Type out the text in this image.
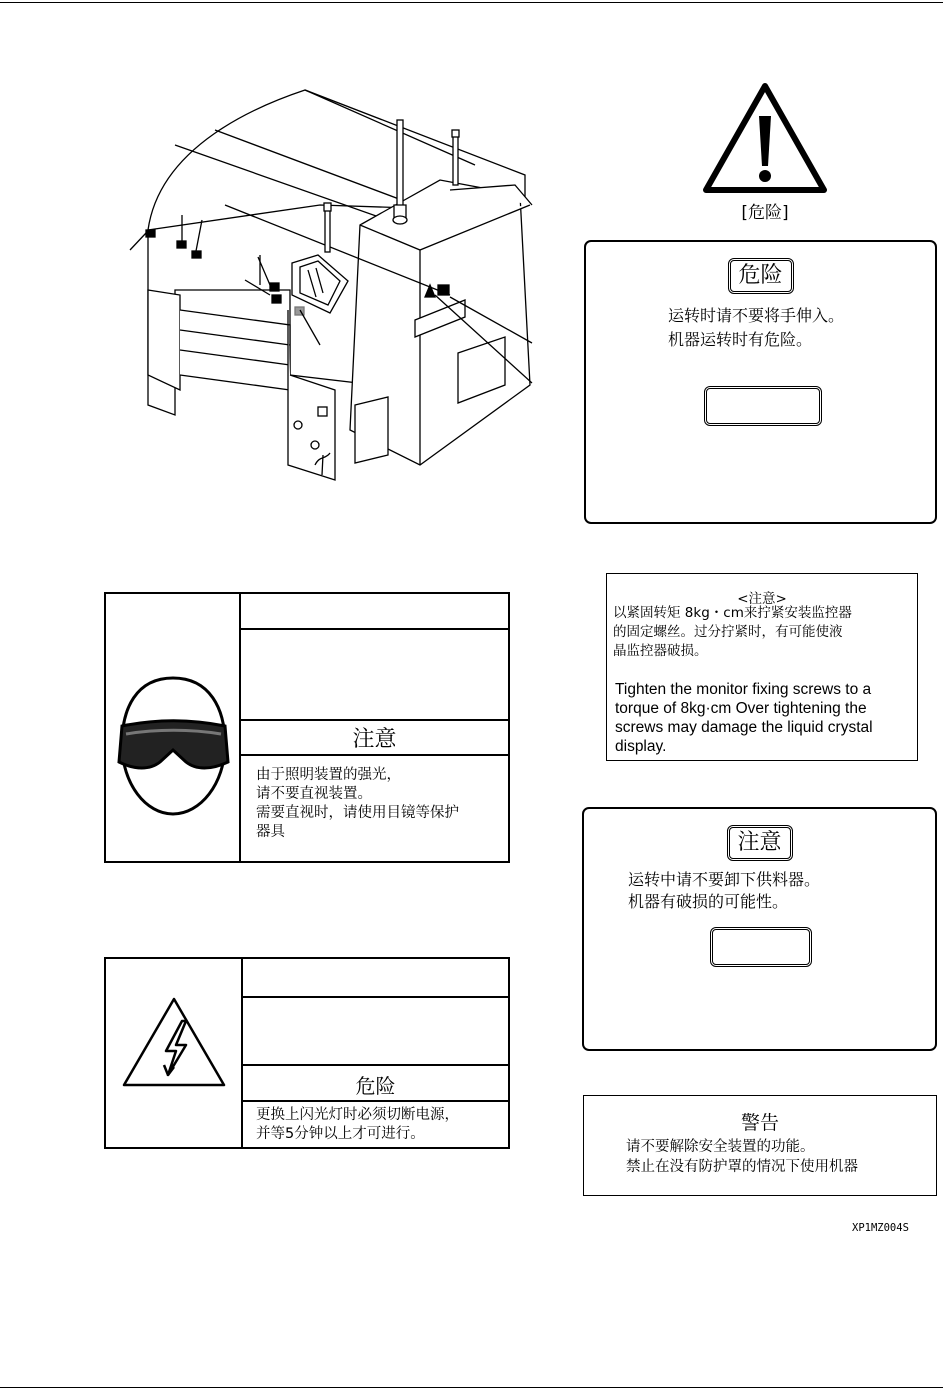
[危险]
危险
运转时请不要将手伸入。
机器运转时有危险。
注意
由于照明装置的强光，
请不要直视装置。
需要直视时，请使用目镜等保护
器具
<注意>
以紧固转矩 8kg・cm来拧紧安装监控器
的固定螺丝。过分拧紧时，有可能使液
晶监控器破损。
Tighten the monitor fixing screws to a torque of 8kg·cm Over tightening the screws may damage the liquid crystal display.
注意
运转中请不要卸下供料器。
机器有破损的可能性。
危险
更换上闪光灯时必须切断电源，
并等5分钟以上才可进行。	警告
请不要解除安全装置的功能。
禁止在没有防护罩的情况下使用机器
XP1MZ004S
